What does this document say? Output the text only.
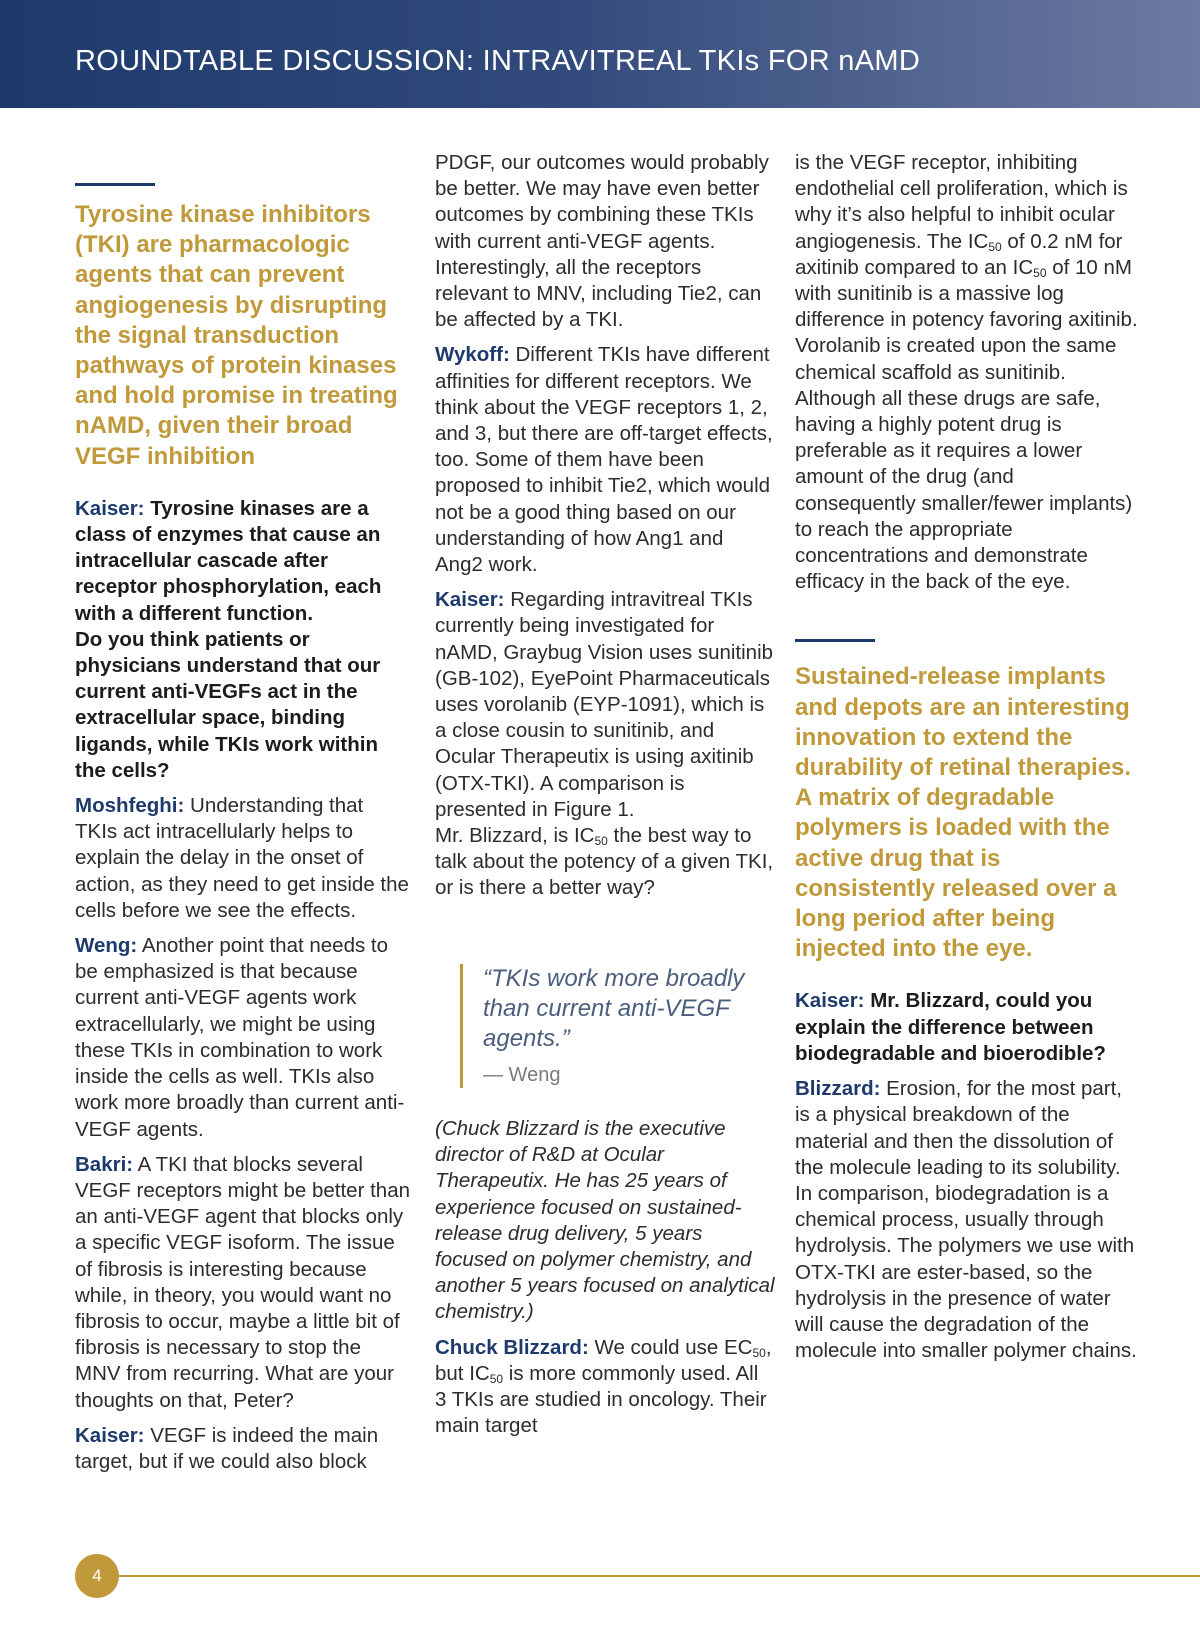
ROUNDTABLE DISCUSSION: INTRAVITREAL TKIs FOR nAMD

Tyrosine kinase inhibitors (TKI) are pharmacologic agents that can prevent angiogenesis by disrupting the signal transduction pathways of protein kinases and hold promise in treating nAMD, given their broad VEGF inhibition

Kaiser: Tyrosine kinases are a class of enzymes that cause an intracellular cascade after receptor phosphorylation, each with a different function.

Do you think patients or physicians understand that our current anti-VEGFs act in the extracellular space, binding ligands, while TKIs work within the cells?

Moshfeghi: Understanding that TKIs act intracellularly helps to explain the delay in the onset of action, as they need to get inside the cells before we see the effects.

Weng: Another point that needs to be emphasized is that because current anti-VEGF agents work extracellularly, we might be using these TKIs in combination to work inside the cells as well. TKIs also work more broadly than current anti-VEGF agents.

Bakri: A TKI that blocks several VEGF receptors might be better than an anti-VEGF agent that blocks only a specific VEGF isoform. The issue of fibrosis is interesting because while, in theory, you would want no fibrosis to occur, maybe a little bit of fibrosis is necessary to stop the MNV from recurring. What are your thoughts on that, Peter?

Kaiser: VEGF is indeed the main target, but if we could also block

PDGF, our outcomes would probably be better. We may have even better outcomes by combining these TKIs with current anti-VEGF agents. Interestingly, all the receptors relevant to MNV, including Tie2, can be affected by a TKI.

Wykoff: Different TKIs have different affinities for different receptors. We think about the VEGF receptors 1, 2, and 3, but there are off-target effects, too. Some of them have been proposed to inhibit Tie2, which would not be a good thing based on our understanding of how Ang1 and Ang2 work.

Kaiser: Regarding intravitreal TKIs currently being investigated for nAMD, Graybug Vision uses sunitinib (GB-102), EyePoint Pharmaceuticals uses vorolanib (EYP-1091), which is a close cousin to sunitinib, and Ocular Therapeutix is using axitinib (OTX-TKI). A comparison is presented in Figure 1.

Mr. Blizzard, is $IC_{50}$ the best way to talk about the potency of a given TKI, or is there a better way?

“TKIs work more broadly than current anti-VEGF agents.”
— Weng

(Chuck Blizzard is the executive director of R&D at Ocular Therapeutix. He has 25 years of experience focused on sustained-release drug delivery, 5 years focused on polymer chemistry, and another 5 years focused on analytical chemistry.)

Chuck Blizzard: We could use $EC_{50}$, but $IC_{50}$ is more commonly used. All 3 TKIs are studied in oncology. Their main target

is the VEGF receptor, inhibiting endothelial cell proliferation, which is why it’s also helpful to inhibit ocular angiogenesis. The $IC_{50}$ of 0.2 nM for axitinib compared to an $IC_{50}$ of 10 nM with sunitinib is a massive log difference in potency favoring axitinib. Vorolanib is created upon the same chemical scaffold as sunitinib. Although all these drugs are safe, having a highly potent drug is preferable as it requires a lower amount of the drug (and consequently smaller/fewer implants) to reach the appropriate concentrations and demonstrate efficacy in the back of the eye.

Sustained-release implants and depots are an interesting innovation to extend the durability of retinal therapies.

A matrix of degradable polymers is loaded with the active drug that is consistently released over a long period after being injected into the eye.

Kaiser: Mr. Blizzard, could you explain the difference between biodegradable and bioerodible?

Blizzard: Erosion, for the most part, is a physical breakdown of the material and then the dissolution of the molecule leading to its solubility.

In comparison, biodegradation is a chemical process, usually through hydrolysis. The polymers we use with OTX-TKI are ester-based, so the hydrolysis in the presence of water will cause the degradation of the molecule into smaller polymer chains.

4
